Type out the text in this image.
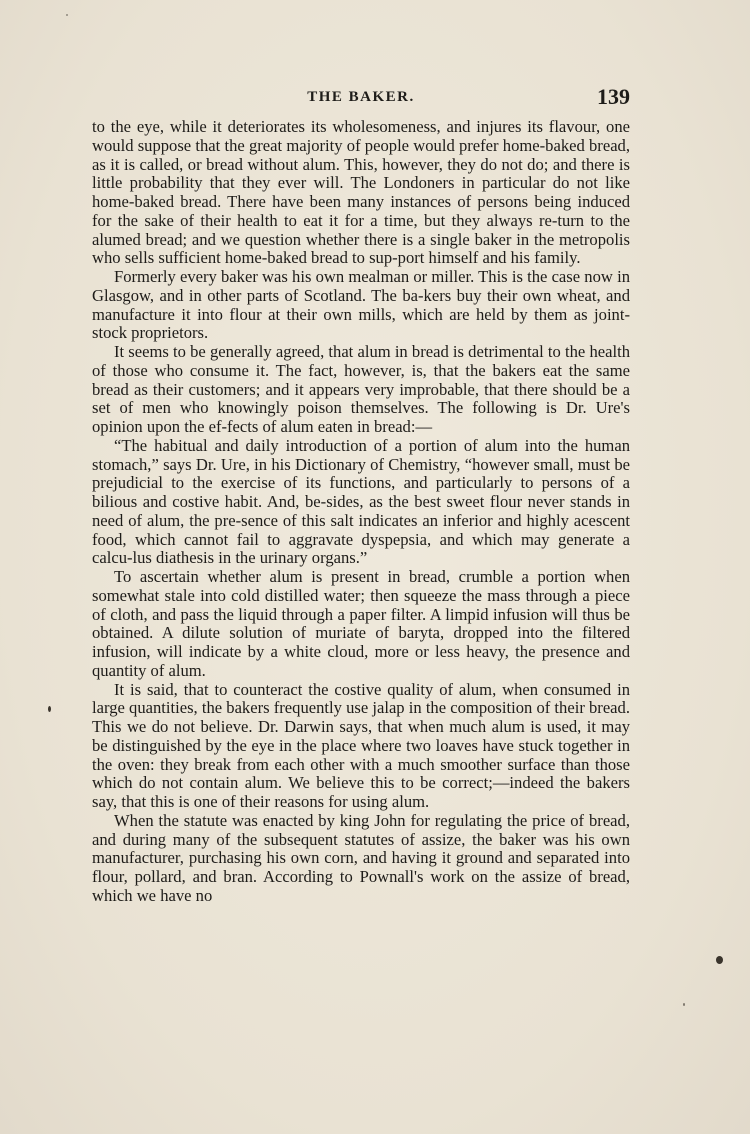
THE BAKER.	139

to the eye, while it deteriorates its wholesomeness, and injures its flavour, one would suppose that the great majority of people would prefer home-baked bread, as it is called, or bread without alum. This, however, they do not do; and there is little probability that they ever will. The Londoners in particular do not like home-baked bread. There have been many instances of persons being induced for the sake of their health to eat it for a time, but they always re-turn to the alumed bread; and we question whether there is a single baker in the metropolis who sells sufficient home-baked bread to sup-port himself and his family.

Formerly every baker was his own mealman or miller. This is the case now in Glasgow, and in other parts of Scotland. The ba-kers buy their own wheat, and manufacture it into flour at their own mills, which are held by them as joint-stock proprietors.

It seems to be generally agreed, that alum in bread is detrimental to the health of those who consume it. The fact, however, is, that the bakers eat the same bread as their customers; and it appears very improbable, that there should be a set of men who knowingly poison themselves. The following is Dr. Ure's opinion upon the ef-fects of alum eaten in bread:—

“The habitual and daily introduction of a portion of alum into the human stomach,” says Dr. Ure, in his Dictionary of Chemistry, “however small, must be prejudicial to the exercise of its functions, and particularly to persons of a bilious and costive habit. And, be-sides, as the best sweet flour never stands in need of alum, the pre-sence of this salt indicates an inferior and highly acescent food, which cannot fail to aggravate dyspepsia, and which may generate a calcu-lus diathesis in the urinary organs.”

To ascertain whether alum is present in bread, crumble a portion when somewhat stale into cold distilled water; then squeeze the mass through a piece of cloth, and pass the liquid through a paper filter. A limpid infusion will thus be obtained. A dilute solution of muriate of baryta, dropped into the filtered infusion, will indicate by a white cloud, more or less heavy, the presence and quantity of alum.

It is said, that to counteract the costive quality of alum, when consumed in large quantities, the bakers frequently use jalap in the composition of their bread. This we do not believe. Dr. Darwin says, that when much alum is used, it may be distinguished by the eye in the place where two loaves have stuck together in the oven: they break from each other with a much smoother surface than those which do not contain alum. We believe this to be correct;—indeed the bakers say, that this is one of their reasons for using alum.

When the statute was enacted by king John for regulating the price of bread, and during many of the subsequent statutes of assize, the baker was his own manufacturer, purchasing his own corn, and having it ground and separated into flour, pollard, and bran. According to Pownall's work on the assize of bread, which we have no
